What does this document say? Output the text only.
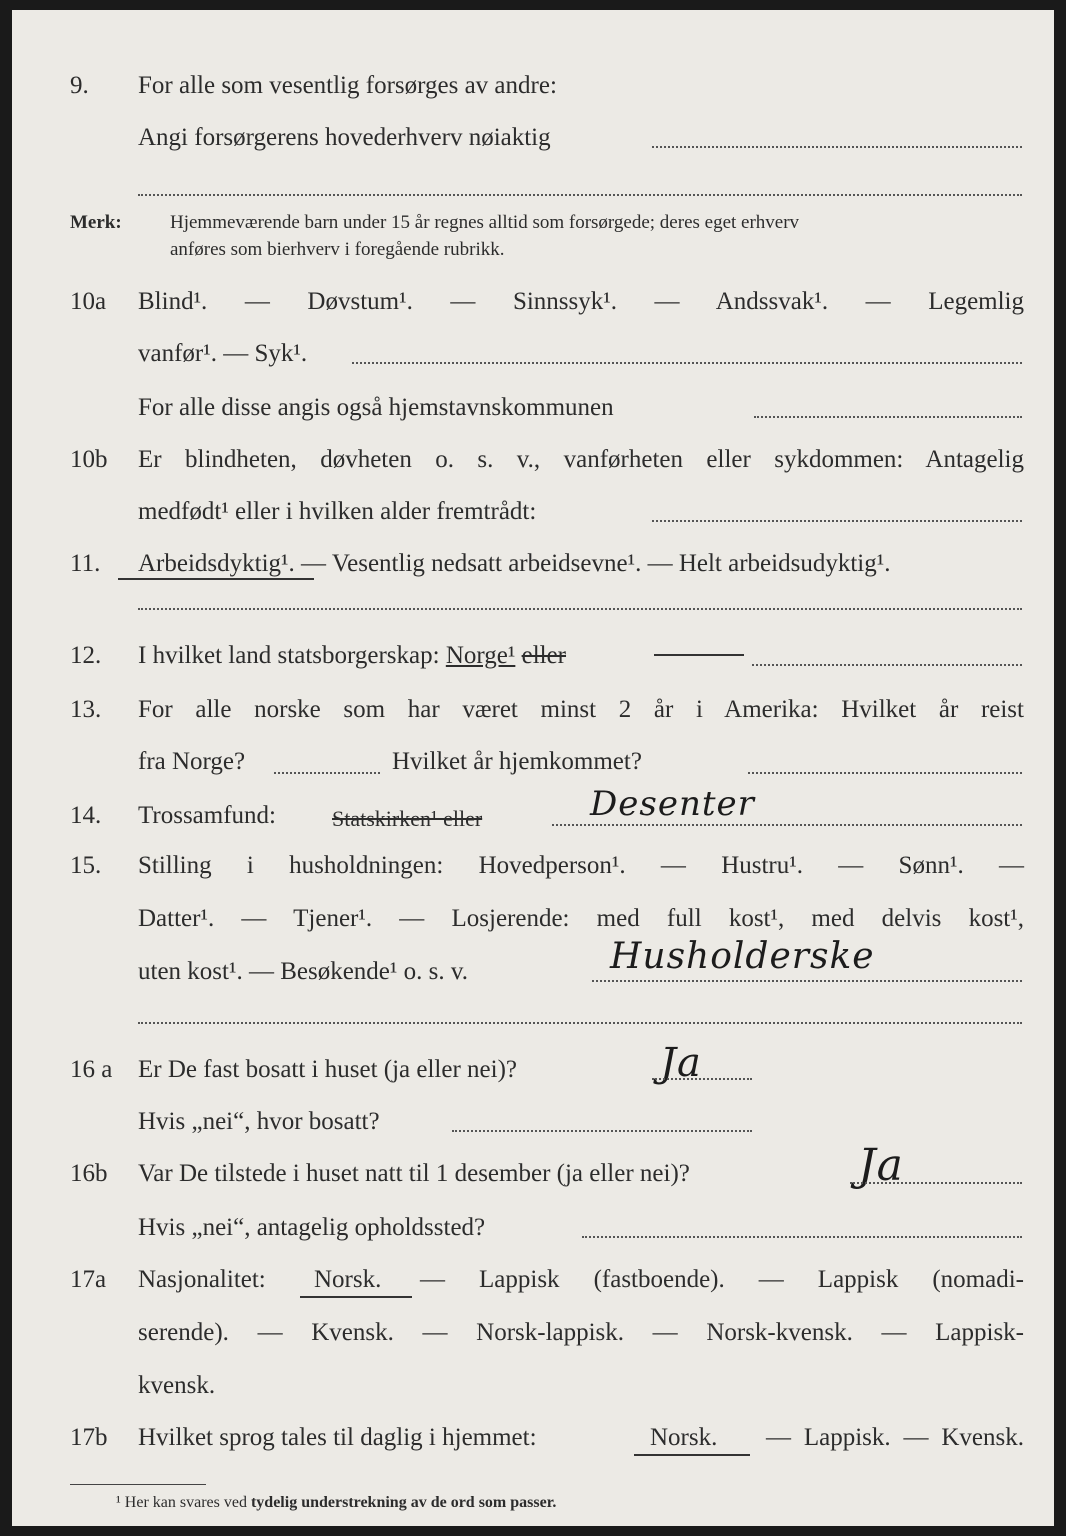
9. For alle som vesentlig forsørges av andre:
Angi forsørgerens hovederhverv nøiaktig
Merk:	Hjemmeværende barn under 15 år regnes alltid som forsørgede; deres eget erhverv
anføres som bierhverv i foregående rubrikk.
10a Blind¹. — Døvstum¹. — Sinnssyk¹. — Andssvak¹. — Legemlig
vanfør¹. — Syk¹.
For alle disse angis også hjemstavnskommunen
10b Er blindheten, døvheten o. s. v., vanførheten eller sykdommen: Antagelig
medfødt¹ eller i hvilken alder fremtrådt:
11. Arbeidsdyktig¹. — Vesentlig nedsatt arbeidsevne¹. — Helt arbeidsudyktig¹.
12. I hvilket land statsborgerskap: Norge¹ eller
13. For alle norske som har været minst 2 år i Amerika: Hvilket år reist
fra Norge?	Hvilket år hjemkommet?
14. Trossamfund:	Statskirken¹ eller	Desenter
15. Stilling i husholdningen: Hovedperson¹. — Hustru¹. — Sønn¹. —
Datter¹. — Tjener¹. — Losjerende: med full kost¹, med delvis kost¹,
uten kost¹. — Besøkende¹ o. s. v.	Husholderske
16 a Er De fast bosatt i huset (ja eller nei)?	Ja
Hvis „nei“, hvor bosatt?
16b Var De tilstede i huset natt til 1 desember (ja eller nei)?	Ja
Hvis „nei“, antagelig opholdssted?
17a Nasjonalitet: Norsk. — Lappisk (fastboende). — Lappisk (nomadi-
serende). — Kvensk. — Norsk-lappisk. — Norsk-kvensk. — Lappisk-
kvensk.
17b Hvilket sprog tales til daglig i hjemmet:	Norsk. — Lappisk. — Kvensk.
¹ Her kan svares ved tydelig understrekning av de ord som passer.
